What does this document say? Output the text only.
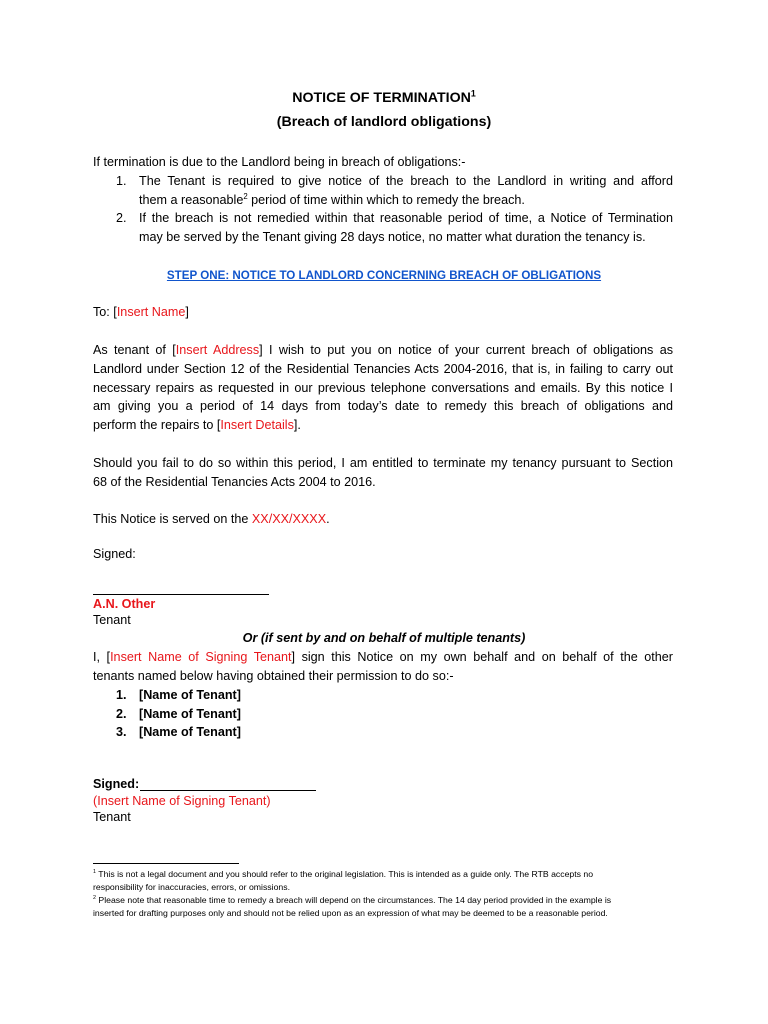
NOTICE OF TERMINATION$^1$
(Breach of landlord obligations)
If termination is due to the Landlord being in breach of obligations:-
1. The Tenant is required to give notice of the breach to the Landlord in writing and afford
them a reasonable$^2$ period of time within which to remedy the breach.
2. If the breach is not remedied within that reasonable period of time, a Notice of Termination
may be served by the Tenant giving 28 days notice, no matter what duration the tenancy is.
STEP ONE: NOTICE TO LANDLORD CONCERNING BREACH OF OBLIGATIONS
To: [Insert Name]
As tenant of [Insert Address] I wish to put you on notice of your current breach of obligations as
Landlord under Section 12 of the Residential Tenancies Acts 2004-2016, that is, in failing to carry out
necessary repairs as requested in our previous telephone conversations and emails. By this notice I
am giving you a period of 14 days from today’s date to remedy this breach of obligations and
perform the repairs to [Insert Details].
Should you fail to do so within this period, I am entitled to terminate my tenancy pursuant to Section
68 of the Residential Tenancies Acts 2004 to 2016.
This Notice is served on the XX/XX/XXXX.
Signed:
A.N. Other
Tenant
Or (if sent by and on behalf of multiple tenants)
I, [Insert Name of Signing Tenant] sign this Notice on my own behalf and on behalf of the other
tenants named below having obtained their permission to do so:-
1. [Name of Tenant]
2. [Name of Tenant]
3. [Name of Tenant]
Signed:
(Insert Name of Signing Tenant)
Tenant
$^1$ This is not a legal document and you should refer to the original legislation. This is intended as a guide only. The RTB accepts no
responsibility for inaccuracies, errors, or omissions.
$^2$ Please note that reasonable time to remedy a breach will depend on the circumstances. The 14 day period provided in the example is
inserted for drafting purposes only and should not be relied upon as an expression of what may be deemed to be a reasonable period.
